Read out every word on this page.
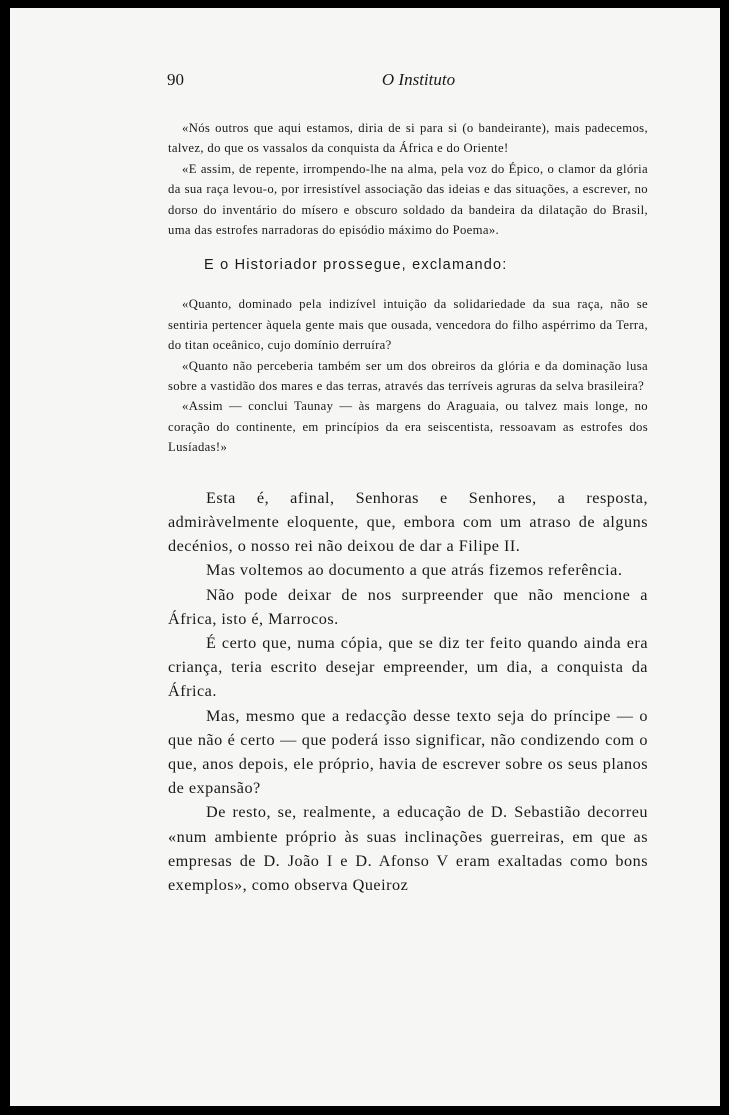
90	O Instituto

«Nós outros que aqui estamos, diria de si para si (o bandeirante), mais padecemos, talvez, do que os vassalos da conquista da África e do Oriente!

«E assim, de repente, irrompendo-lhe na alma, pela voz do Épico, o clamor da glória da sua raça levou-o, por irresistível associação das ideias e das situações, a escrever, no dorso do inventário do mísero e obscuro soldado da bandeira da dilatação do Brasil, uma das estrofes narradoras do episódio máximo do Poema».

E o Historiador prossegue, exclamando:

«Quanto, dominado pela indizível intuição da solidariedade da sua raça, não se sentiria pertencer àquela gente mais que ousada, vencedora do filho aspérrimo da Terra, do titan oceânico, cujo domínio derruíra?

«Quanto não perceberia também ser um dos obreiros da glória e da dominação lusa sobre a vastidão dos mares e das terras, através das terríveis agruras da selva brasileira?

«Assim — conclui Taunay — às margens do Araguaia, ou talvez mais longe, no coração do continente, em princípios da era seiscentista, ressoavam as estrofes dos Lusíadas!»

Esta é, afinal, Senhoras e Senhores, a resposta, admiràvelmente eloquente, que, embora com um atraso de alguns decénios, o nosso rei não deixou de dar a Filipe II.

Mas voltemos ao documento a que atrás fizemos referência.

Não pode deixar de nos surpreender que não mencione a África, isto é, Marrocos.

É certo que, numa cópia, que se diz ter feito quando ainda era criança, teria escrito desejar empreender, um dia, a conquista da África.

Mas, mesmo que a redacção desse texto seja do príncipe — o que não é certo — que poderá isso significar, não condizendo com o que, anos depois, ele próprio, havia de escrever sobre os seus planos de expansão?

De resto, se, realmente, a educação de D. Sebastião decorreu «num ambiente próprio às suas inclinações guerreiras, em que as empresas de D. João I e D. Afonso V eram exaltadas como bons exemplos», como observa Queiroz
